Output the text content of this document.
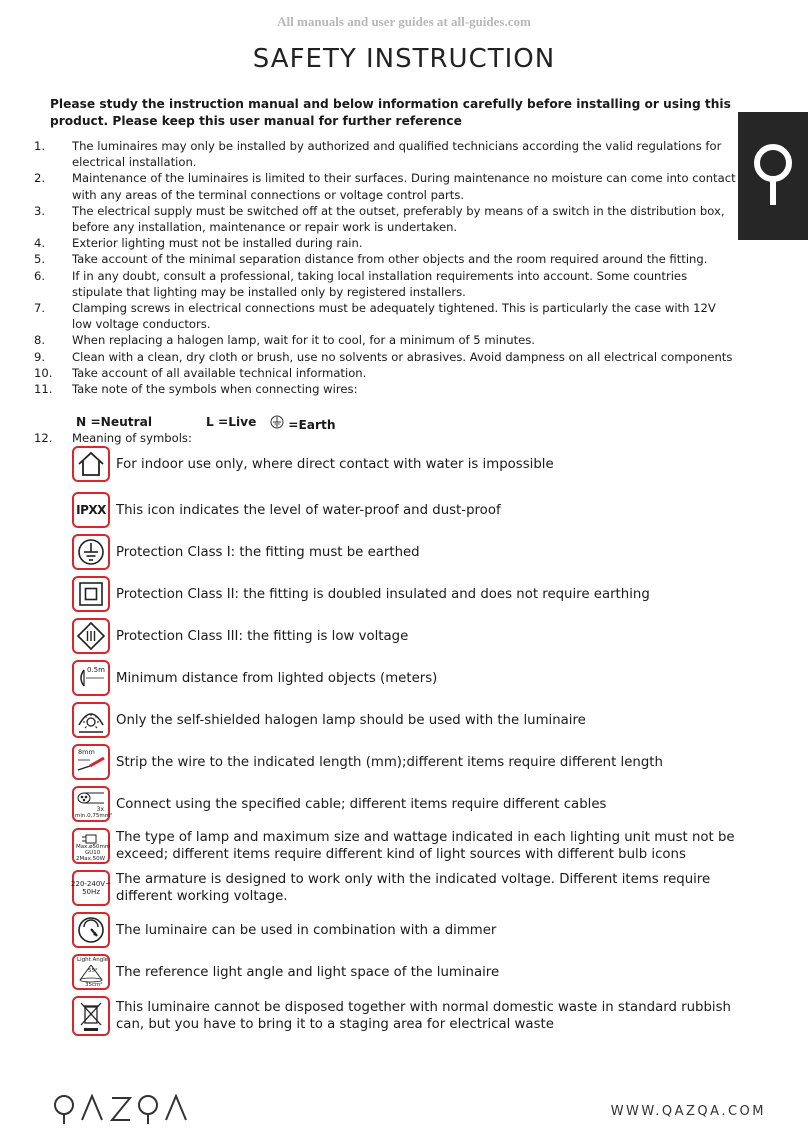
All manuals and user guides at all-guides.com
SAFETY INSTRUCTION
Please study the instruction manual and below information carefully before installing or using this product. Please keep this user manual for further reference
1.	The luminaires may only be installed by authorized and qualified technicians according the valid regulations for electrical installation.
2.	Maintenance of the luminaires is limited to their surfaces. During maintenance no moisture can come into contact with any areas of the terminal connections or voltage control parts.
3.	The electrical supply must be switched off at the outset, preferably by means of a switch in the distribution box, before any installation, maintenance or repair work is undertaken.
4.	Exterior lighting must not be installed during rain.
5.	Take account of the minimal separation distance from other objects and the room required around the fitting.
6.	If in any doubt, consult a professional, taking local installation requirements into account. Some countries stipulate that lighting may be installed only by registered installers.
7.	Clamping screws in electrical connections must be adequately tightened. This is particularly the case with 12V low voltage conductors.
8.	When replacing a halogen lamp, wait for it to cool, for a minimum of 5 minutes.
9.	Clean with a clean, dry cloth or brush, use no solvents or abrasives. Avoid dampness on all electrical components
10.	Take account of all available technical information.
11.	Take note of the symbols when connecting wires:
N =Neutral	L =Live	=Earth
12.	Meaning of symbols:
For indoor use only, where direct contact with water is impossible
IPXX This icon indicates the level of water-proof and dust-proof
Protection Class I: the fitting must be earthed
Protection Class II: the fitting is doubled insulated and does not require earthing
Protection Class III: the fitting is low voltage
0.5m
Minimum distance from lighted objects (meters)
Only the self-shielded halogen lamp should be used with the luminaire
8mm
Strip the wire to the indicated length (mm);different items require different length
3x
min.0,75mm²
Connect using the specified cable; different items require different cables
Max.ø50mm
GU10
2Max.50W
The type of lamp and maximum size and wattage indicated in each lighting unit must not be exceed; different items require different kind of light sources with different bulb icons
220-240V~
50Hz
The armature is designed to work only with the indicated voltage. Different items require different working voltage.
The luminaire can be used in combination with a dimmer
Light Angle
55°
35cm²
The reference light angle and light space of the luminaire
This luminaire cannot be disposed together with normal domestic waste in standard rubbish can, but you have to bring it to a staging area for electrical waste
WWW.QAZQA.COM
